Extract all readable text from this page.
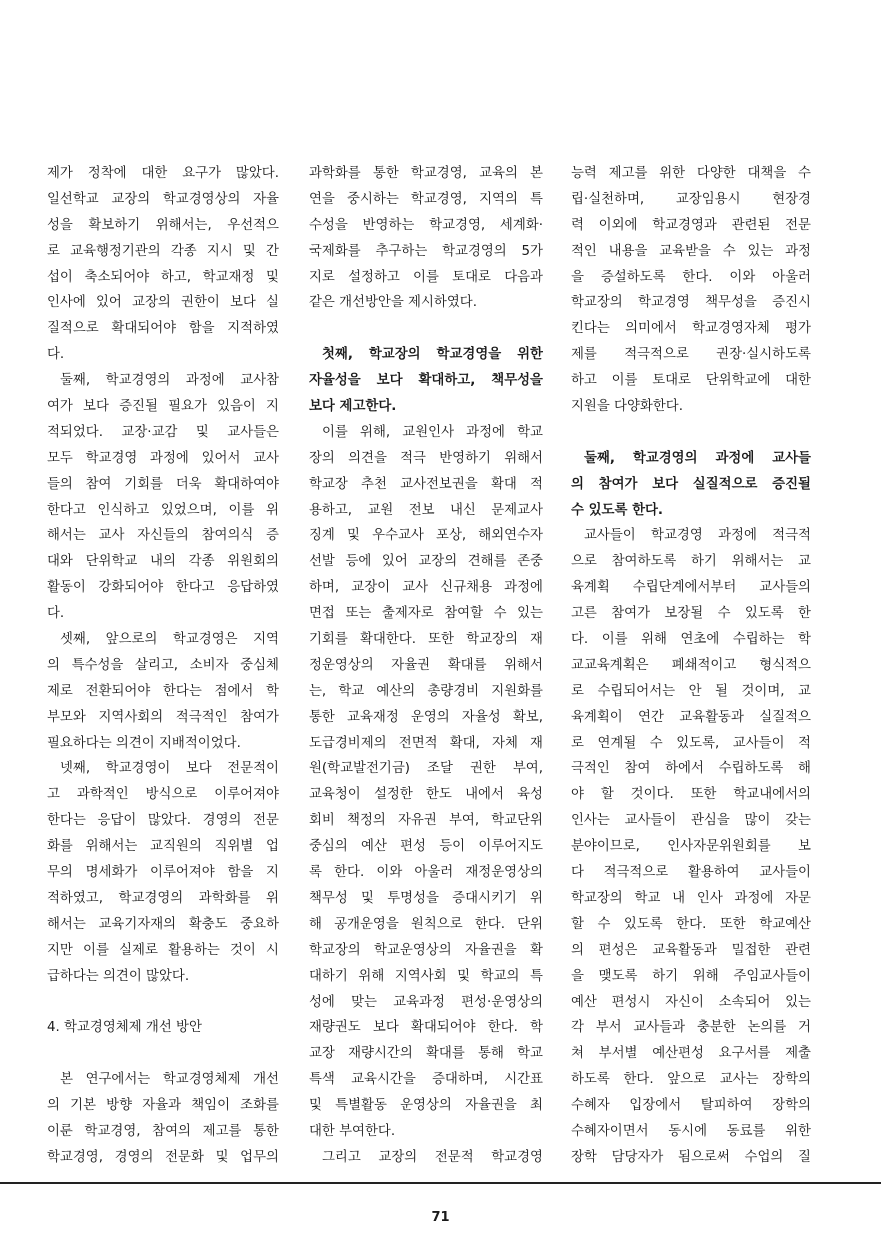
제가 정착에 대한 요구가 많았다.
일선학교 교장의 학교경영상의 자율
성을 확보하기 위해서는, 우선적으
로 교육행정기관의 각종 지시 및 간
섭이 축소되어야 하고, 학교재정 및
인사에 있어 교장의 권한이 보다 실
질적으로 확대되어야 함을 지적하였
다.
둘째, 학교경영의 과정에 교사참
여가 보다 증진될 필요가 있음이 지
적되었다. 교장·교감 및 교사들은
모두 학교경영 과정에 있어서 교사
들의 참여 기회를 더욱 확대하여야
한다고 인식하고 있었으며, 이를 위
해서는 교사 자신들의 참여의식 증
대와 단위학교 내의 각종 위원회의
활동이 강화되어야 한다고 응답하였
다.
셋째, 앞으로의 학교경영은 지역
의 특수성을 살리고, 소비자 중심체
제로 전환되어야 한다는 점에서 학
부모와 지역사회의 적극적인 참여가
필요하다는 의견이 지배적이었다.
넷째, 학교경영이 보다 전문적이
고 과학적인 방식으로 이루어져야
한다는 응답이 많았다. 경영의 전문
화를 위해서는 교직원의 직위별 업
무의 명세화가 이루어져야 함을 지
적하였고, 학교경영의 과학화를 위
해서는 교육기자재의 확충도 중요하
지만 이를 실제로 활용하는 것이 시
급하다는 의견이 많았다.
4. 학교경영체제 개선 방안
본 연구에서는 학교경영체제 개선
의 기본 방향 자율과 책임이 조화를
이룬 학교경영, 참여의 제고를 통한
학교경영, 경영의 전문화 및 업무의
과학화를 통한 학교경영, 교육의 본
연을 중시하는 학교경영, 지역의 특
수성을 반영하는 학교경영, 세계화·
국제화를 추구하는 학교경영의 5가
지로 설정하고 이를 토대로 다음과
같은 개선방안을 제시하였다.
첫째, 학교장의 학교경영을 위한
자율성을 보다 확대하고, 책무성을
보다 제고한다.
이를 위해, 교원인사 과정에 학교
장의 의견을 적극 반영하기 위해서
학교장 추천 교사전보권을 확대 적
용하고, 교원 전보 내신 문제교사
징계 및 우수교사 포상, 해외연수자
선발 등에 있어 교장의 견해를 존중
하며, 교장이 교사 신규채용 과정에
면접 또는 출제자로 참여할 수 있는
기회를 확대한다. 또한 학교장의 재
정운영상의 자율권 확대를 위해서
는, 학교 예산의 총량경비 지원화를
통한 교육재정 운영의 자율성 확보,
도급경비제의 전면적 확대, 자체 재
원(학교발전기금) 조달 권한 부여,
교육청이 설정한 한도 내에서 육성
회비 책정의 자유권 부여, 학교단위
중심의 예산 편성 등이 이루어지도
록 한다. 이와 아울러 재정운영상의
책무성 및 투명성을 증대시키기 위
해 공개운영을 원칙으로 한다. 단위
학교장의 학교운영상의 자율권을 확
대하기 위해 지역사회 및 학교의 특
성에 맞는 교육과정 편성·운영상의
재량권도 보다 확대되어야 한다. 학
교장 재량시간의 확대를 통해 학교
특색 교육시간을 증대하며, 시간표
및 특별활동 운영상의 자율권을 최
대한 부여한다.
그리고 교장의 전문적 학교경영
능력 제고를 위한 다양한 대책을 수
립·실천하며, 교장임용시 현장경
력 이외에 학교경영과 관련된 전문
적인 내용을 교육받을 수 있는 과정
을 증설하도록 한다. 이와 아울러
학교장의 학교경영 책무성을 증진시
킨다는 의미에서 학교경영자체 평가
제를 적극적으로 권장·실시하도록
하고 이를 토대로 단위학교에 대한
지원을 다양화한다.
둘째, 학교경영의 과정에 교사들
의 참여가 보다 실질적으로 증진될
수 있도록 한다.
교사들이 학교경영 과정에 적극적
으로 참여하도록 하기 위해서는 교
육계획 수립단계에서부터 교사들의
고른 참여가 보장될 수 있도록 한
다. 이를 위해 연초에 수립하는 학
교교육계획은 폐쇄적이고 형식적으
로 수립되어서는 안 될 것이며, 교
육계획이 연간 교육활동과 실질적으
로 연계될 수 있도록, 교사들이 적
극적인 참여 하에서 수립하도록 해
야 할 것이다. 또한 학교내에서의
인사는 교사들이 관심을 많이 갖는
분야이므로, 인사자문위원회를 보
다 적극적으로 활용하여 교사들이
학교장의 학교 내 인사 과정에 자문
할 수 있도록 한다. 또한 학교예산
의 편성은 교육활동과 밀접한 관련
을 맺도록 하기 위해 주임교사들이
예산 편성시 자신이 소속되어 있는
각 부서 교사들과 충분한 논의를 거
쳐 부서별 예산편성 요구서를 제출
하도록 한다. 앞으로 교사는 장학의
수혜자 입장에서 탈피하여 장학의
수혜자이면서 동시에 동료를 위한
장학 담당자가 됨으로써 수업의 질
71
